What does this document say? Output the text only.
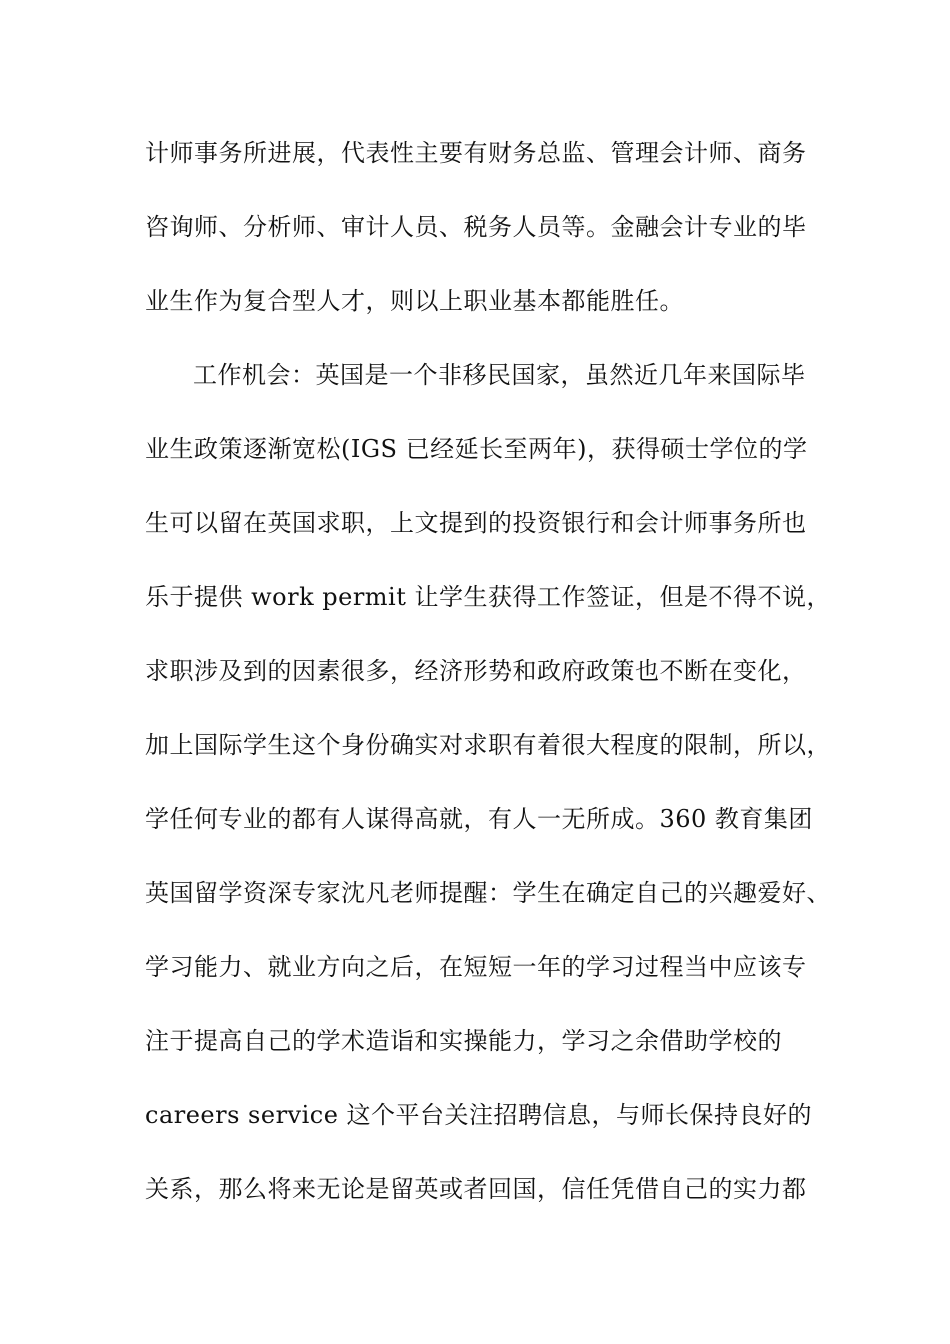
计师事务所进展，代表性主要有财务总监、管理会计师、商务
咨询师、分析师、审计人员、税务人员等。金融会计专业的毕
业生作为复合型人才，则以上职业基本都能胜任。
工作机会：英国是一个非移民国家，虽然近几年来国际毕
业生政策逐渐宽松(IGS 已经延长至两年)，获得硕士学位的学
生可以留在英国求职，上文提到的投资银行和会计师事务所也
乐于提供 work permit 让学生获得工作签证，但是不得不说，
求职涉及到的因素很多，经济形势和政府政策也不断在变化，
加上国际学生这个身份确实对求职有着很大程度的限制，所以，
学任何专业的都有人谋得高就，有人一无所成。360 教育集团
英国留学资深专家沈凡老师提醒：学生在确定自己的兴趣爱好、
学习能力、就业方向之后，在短短一年的学习过程当中应该专
注于提高自己的学术造诣和实操能力，学习之余借助学校的
careers service 这个平台关注招聘信息，与师长保持良好的
关系，那么将来无论是留英或者回国，信任凭借自己的实力都
